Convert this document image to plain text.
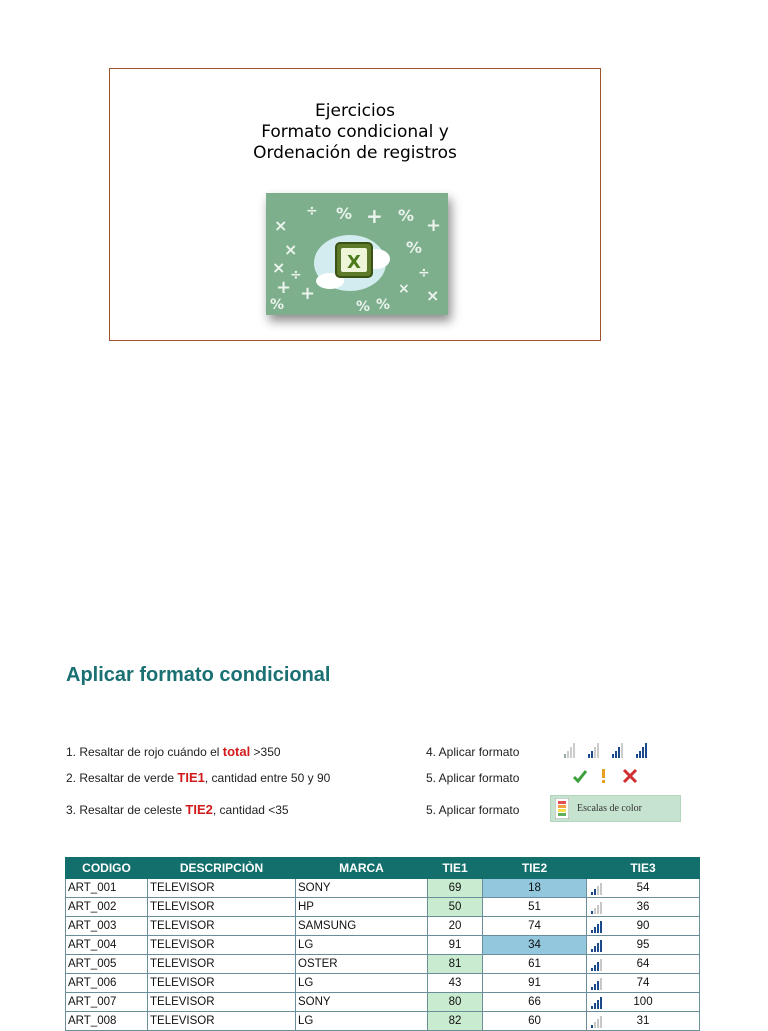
Ejercicios
Formato condicional y
Ordenación de registros
×
÷ % + % +
×	%
× ÷	÷
+ +	× ×
%	% %
X
Aplicar formato condicional
1. Resaltar de rojo cuándo el total >350
2. Resaltar de verde TIE1, cantidad entre 50 y 90
3. Resaltar de celeste TIE2, cantidad <35
4. Aplicar formato
5. Aplicar formato
5. Aplicar formato	Escalas de color
CODIGO	DESCRIPCIÒN	MARCA	TIE1	TIE2	TIE3
ART_001	TELEVISOR	SONY	69	18	54
ART_002	TELEVISOR	HP	50	51	36
ART_003	TELEVISOR	SAMSUNG	20	74	90
ART_004	TELEVISOR	LG	91	34	95
ART_005	TELEVISOR	OSTER	81	61	64
ART_006	TELEVISOR	LG	43	91	74
ART_007	TELEVISOR	SONY	80	66	100
ART_008	TELEVISOR	LG	82	60	31
